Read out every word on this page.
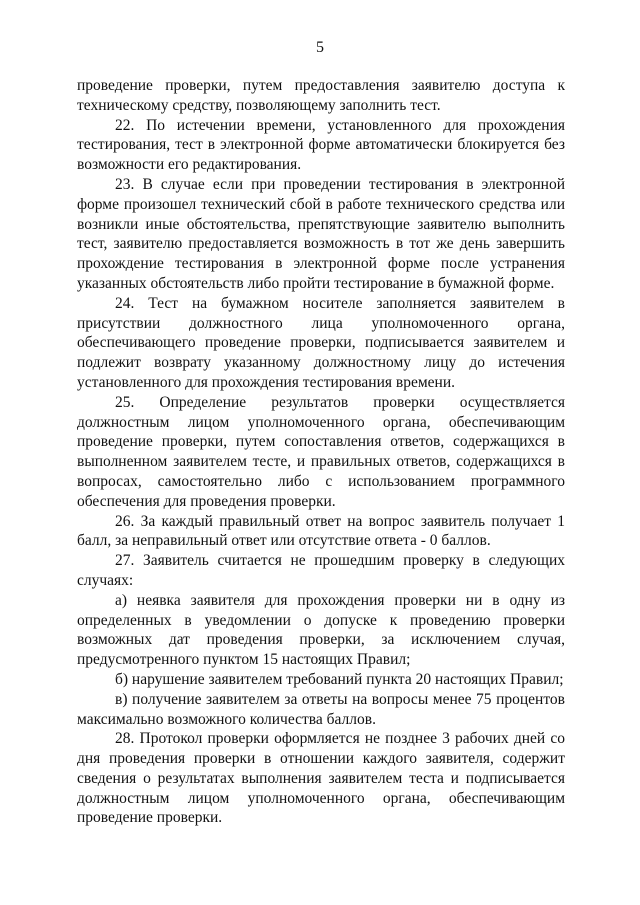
5

проведение проверки, путем предоставления заявителю доступа к техническому средству, позволяющему заполнить тест.

22. По истечении времени, установленного для прохождения тестирования, тест в электронной форме автоматически блокируется без возможности его редактирования.

23. В случае если при проведении тестирования в электронной форме произошел технический сбой в работе технического средства или возникли иные обстоятельства, препятствующие заявителю выполнить тест, заявителю предоставляется возможность в тот же день завершить прохождение тестирования в электронной форме после устранения указанных обстоятельств либо пройти тестирование в бумажной форме.

24. Тест на бумажном носителе заполняется заявителем в присутствии должностного лица уполномоченного органа, обеспечивающего проведение проверки, подписывается заявителем и подлежит возврату указанному должностному лицу до истечения установленного для прохождения тестирования времени.

25. Определение результатов проверки осуществляется должностным лицом уполномоченного органа, обеспечивающим проведение проверки, путем сопоставления ответов, содержащихся в выполненном заявителем тесте, и правильных ответов, содержащихся в вопросах, самостоятельно либо с использованием программного обеспечения для проведения проверки.

26. За каждый правильный ответ на вопрос заявитель получает 1 балл, за неправильный ответ или отсутствие ответа - 0 баллов.

27. Заявитель считается не прошедшим проверку в следующих случаях:

а) неявка заявителя для прохождения проверки ни в одну из определенных в уведомлении о допуске к проведению проверки возможных дат проведения проверки, за исключением случая, предусмотренного пунктом 15 настоящих Правил;

б) нарушение заявителем требований пункта 20 настоящих Правил;

в) получение заявителем за ответы на вопросы менее 75 процентов максимально возможного количества баллов.

28. Протокол проверки оформляется не позднее 3 рабочих дней со дня проведения проверки в отношении каждого заявителя, содержит сведения о результатах выполнения заявителем теста и подписывается должностным лицом уполномоченного органа, обеспечивающим проведение проверки.
